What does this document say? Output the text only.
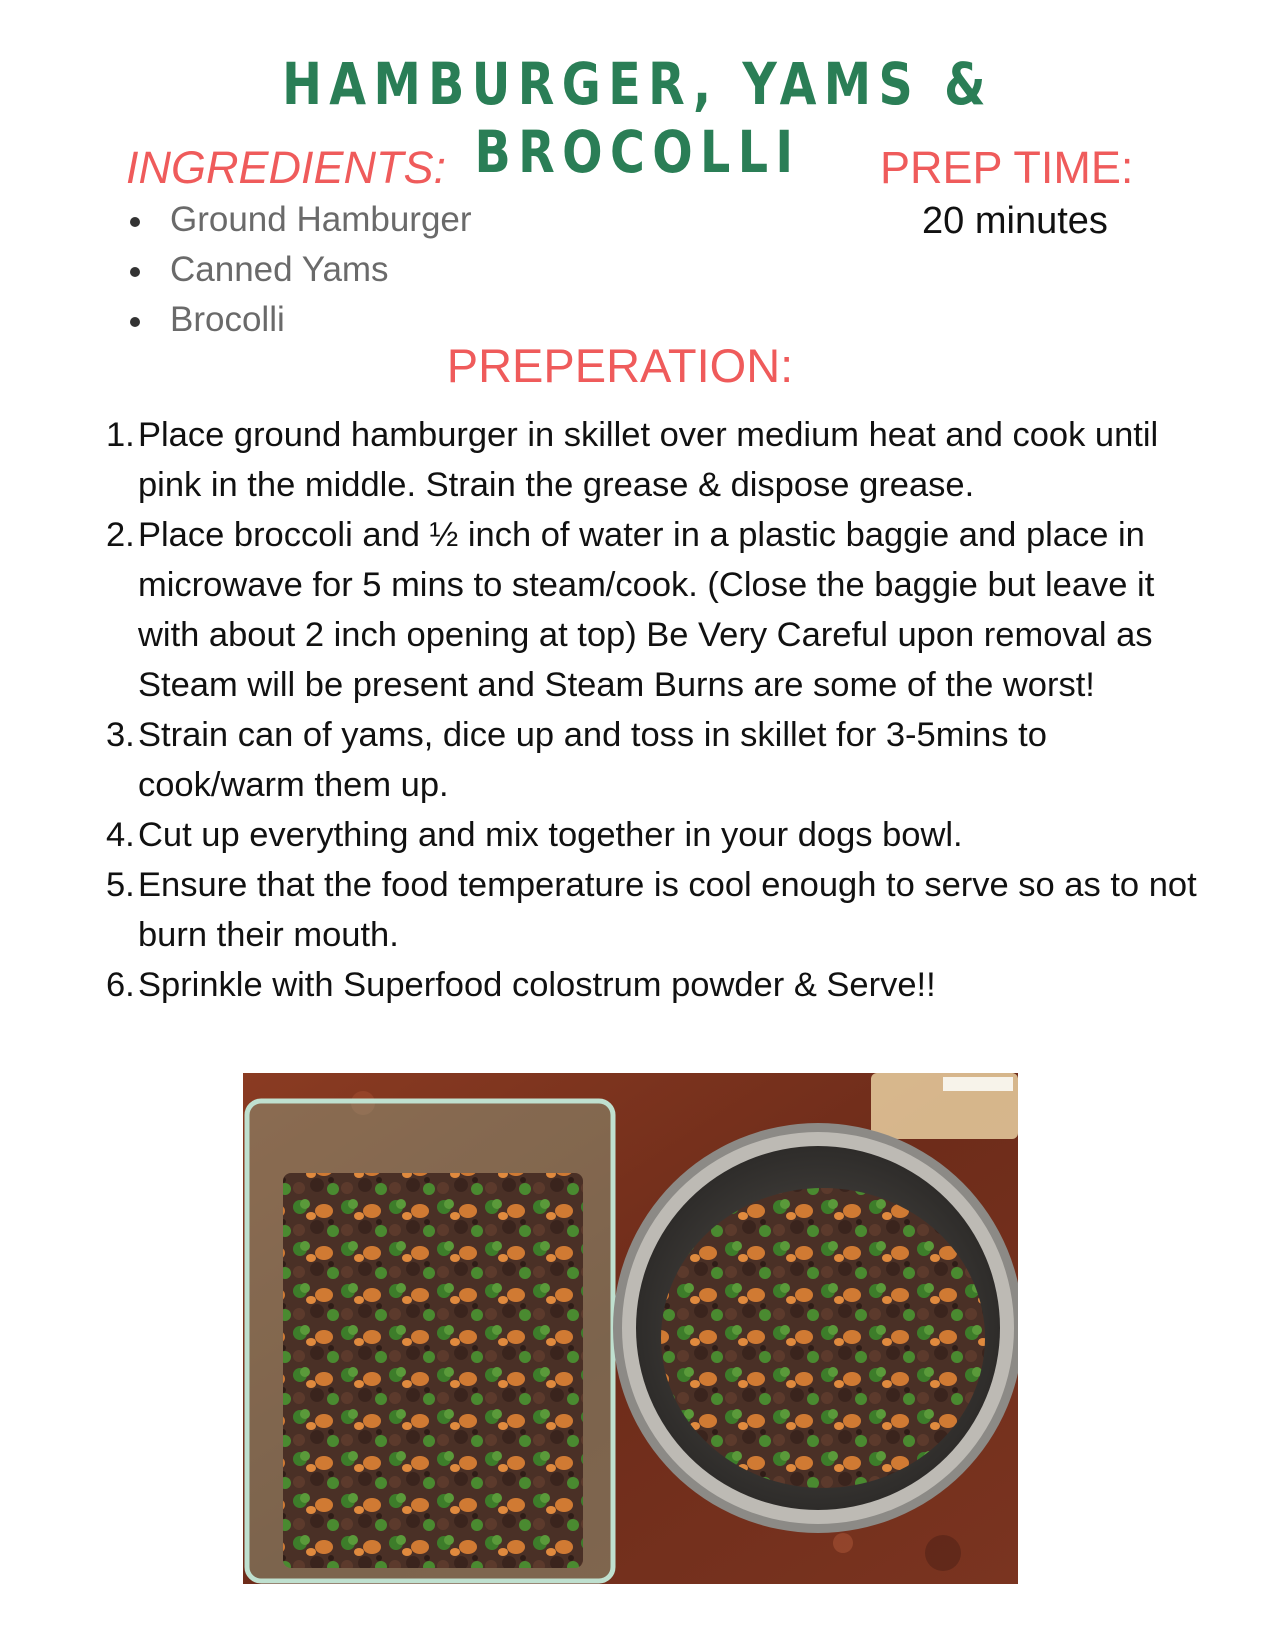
HAMBURGER, YAMS & BROCOLLI
INGREDIENTS:
Ground Hamburger
Canned Yams
Brocolli
PREP TIME:
20 minutes
PREPERATION:
1. Place ground hamburger in skillet over medium heat and cook until pink in the middle. Strain the grease & dispose grease.
2. Place broccoli and ½ inch of water in a plastic baggie and place in microwave for 5 mins to steam/cook. (Close the baggie but leave it with about 2 inch opening at top) Be Very Careful upon removal as Steam will be present and Steam Burns are some of the worst!
3. Strain can of yams, dice up and toss in skillet for 3-5mins to cook/warm them up.
4. Cut up everything and mix together in your dogs bowl.
5. Ensure that the food temperature is cool enough to serve so as to not burn their mouth.
6. Sprinkle with Superfood colostrum powder & Serve!!
